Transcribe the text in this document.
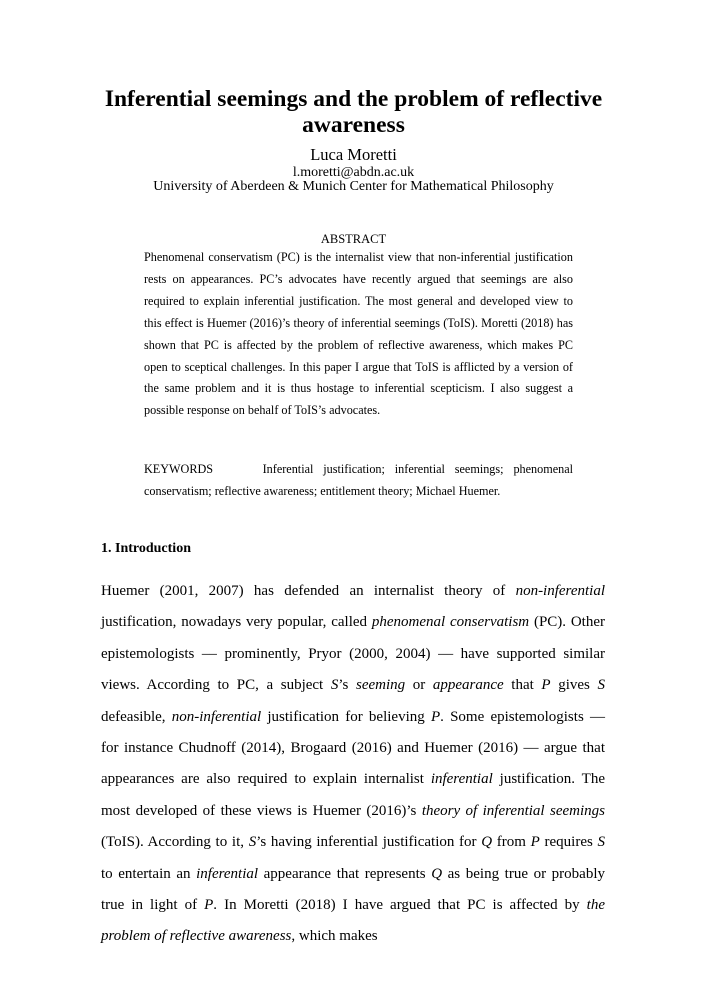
Inferential seemings and the problem of reflective awareness

Luca Moretti

l.moretti@abdn.ac.uk

University of Aberdeen & Munich Center for Mathematical Philosophy

ABSTRACT

Phenomenal conservatism (PC) is the internalist view that non-inferential justification rests on appearances. PC’s advocates have recently argued that seemings are also required to explain inferential justification. The most general and developed view to this effect is Huemer (2016)’s theory of inferential seemings (ToIS). Moretti (2018) has shown that PC is affected by the problem of reflective awareness, which makes PC open to sceptical challenges. In this paper I argue that ToIS is afflicted by a version of the same problem and it is thus hostage to inferential scepticism. I also suggest a possible response on behalf of ToIS’s advocates.

KEYWORDS	Inferential justification; inferential seemings; phenomenal conservatism; reflective awareness; entitlement theory; Michael Huemer.

1. Introduction

Huemer (2001, 2007) has defended an internalist theory of non-inferential justification, nowadays very popular, called phenomenal conservatism (PC). Other epistemologists –– prominently, Pryor (2000, 2004) — have supported similar views. According to PC, a subject S’s seeming or appearance that P gives S defeasible, non-inferential justification for believing P. Some epistemologists — for instance Chudnoff (2014), Brogaard (2016) and Huemer (2016) — argue that appearances are also required to explain internalist inferential justification. The most developed of these views is Huemer (2016)’s theory of inferential seemings (ToIS). According to it, S’s having inferential justification for Q from P requires S to entertain an inferential appearance that represents Q as being true or probably true in light of P. In Moretti (2018) I have argued that PC is affected by the problem of reflective awareness, which makes
